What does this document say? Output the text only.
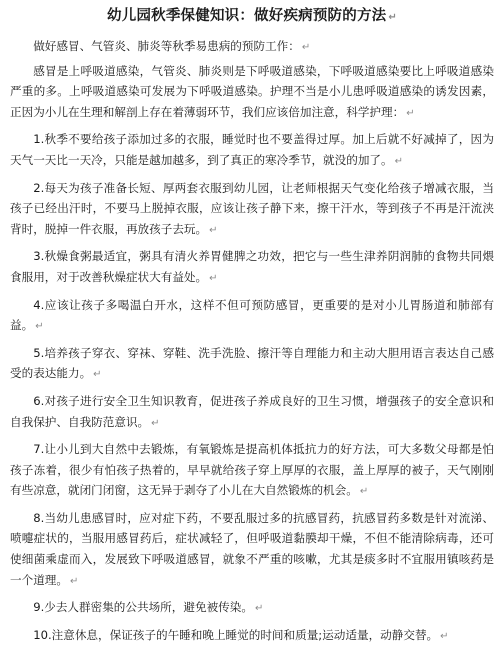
幼儿园秋季保健知识：做好疾病预防的方法 ↵
做好感冒、气管炎、肺炎等秋季易患病的预防工作： ↵
感冒是上呼吸道感染，气管炎、肺炎则是下呼吸道感染，下呼吸道感染要比上呼吸道感染严重的多。上呼吸道感染可发展为下呼吸道感染。护理不当是小儿患呼吸道感染的诱发因素，正因为小儿在生理和解剖上存在着薄弱环节，我们应该倍加注意，科学护理： ↵
1.秋季不要给孩子添加过多的衣服，睡觉时也不要盖得过厚。加上后就不好减掉了，因为天气一天比一天冷，只能是越加越多，到了真正的寒冷季节，就没的加了。 ↵
2.每天为孩子准备长短、厚两套衣服到幼儿园，让老师根据天气变化给孩子增减衣服，当孩子已经出汗时，不要马上脱掉衣服，应该让孩子静下来，擦干汗水，等到孩子不再是汗流浃背时，脱掉一件衣服，再放孩子去玩。 ↵
3.秋燥食粥最适宜，粥具有清火养胃健脾之功效，把它与一些生津养阴润肺的食物共同煨食服用，对于改善秋燥症状大有益处。 ↵
4.应该让孩子多喝温白开水，这样不但可预防感冒，更重要的是对小儿胃肠道和肺部有益。 ↵
5.培养孩子穿衣、穿袜、穿鞋、洗手洗脸、擦汗等自理能力和主动大胆用语言表达自己感受的表达能力。 ↵
6.对孩子进行安全卫生知识教育，促进孩子养成良好的卫生习惯，增强孩子的安全意识和自我保护、自我防范意识。 ↵
7.让小儿到大自然中去锻炼，有氧锻炼是提高机体抵抗力的好方法，可大多数父母都是怕孩子冻着，很少有怕孩子热着的，早早就给孩子穿上厚厚的衣服，盖上厚厚的被子，天气刚刚有些凉意，就闭门闭窗，这无异于剥夺了小儿在大自然锻炼的机会。 ↵
8.当幼儿患感冒时，应对症下药，不要乱服过多的抗感冒药，抗感冒药多数是针对流涕、喷嚏症状的，当服用感冒药后，症状减轻了，但呼吸道黏膜却干燥，不但不能清除病毒，还可使细菌乘虚而入，发展致下呼吸道感冒，就象不严重的咳嗽，尤其是痰多时不宜服用镇咳药是一个道理。 ↵
9.少去人群密集的公共场所，避免被传染。 ↵
10.注意休息，保证孩子的午睡和晚上睡觉的时间和质量;运动适量，动静交替。 ↵
